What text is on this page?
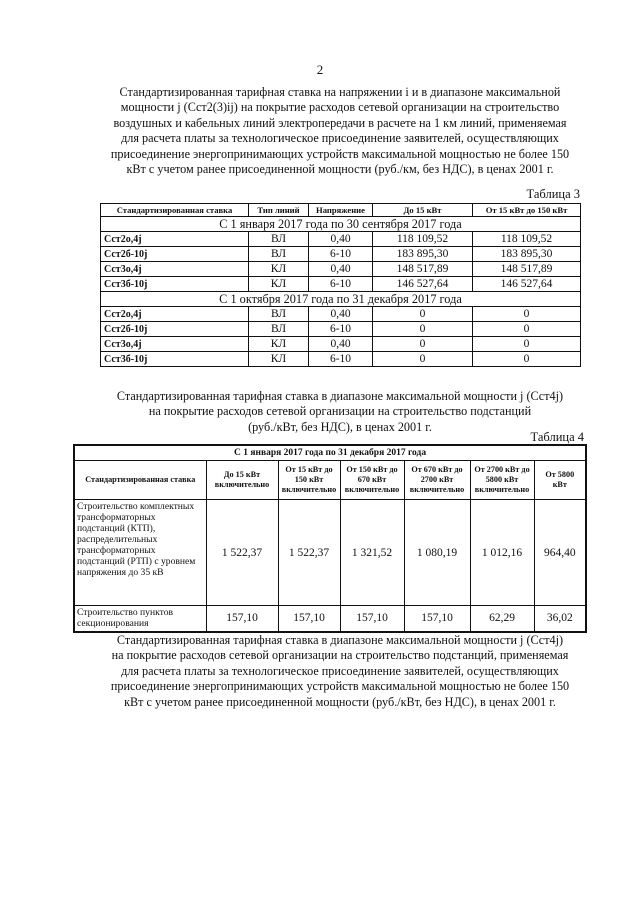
2

Стандартизированная тарифная ставка на напряжении i и в диапазоне максимальной
мощности j (Сст2(3)ij) на покрытие расходов сетевой организации на строительство
воздушных и кабельных линий электропередачи в расчете на 1 км линий, применяемая
для расчета платы за технологическое присоединение заявителей, осуществляющих
присоединение энергопринимающих устройств максимальной мощностью не более 150
кВт с учетом ранее присоединенной мощности (руб./км, без НДС), в ценах 2001 г.

Таблица 3
Стандартизированная ставка	Тип линий	Напряжение	До 15 кВт	От 15 кВт до 150 кВт
С 1 января 2017 года по 30 сентября 2017 года				
Сст2о,4j	ВЛ	0,40	118 109,52	118 109,52
Сст2б-10j	ВЛ	6-10	183 895,30	183 895,30
Сст3о,4j	КЛ	0,40	148 517,89	148 517,89
Сст3б-10j	КЛ	6-10	146 527,64	146 527,64
С 1 октября 2017 года по 31 декабря 2017 года				
Сст2о,4j	ВЛ	0,40	0	0
Сст2б-10j	ВЛ	6-10	0	0
Сст3о,4j	КЛ	0,40	0	0
Сст3б-10j	КЛ	6-10	0	0

Стандартизированная тарифная ставка в диапазоне максимальной мощности j (Сст4j)
на покрытие расходов сетевой организации на строительство подстанций
(руб./кВт, без НДС), в ценах 2001 г.

Таблица 4
С 1 января 2017 года по 31 декабря 2017 года						
Стандартизированная ставка	До 15 кВт включительно	От 15 кВт до 150 кВт включительно	От 150 кВт до 670 кВт включительно	От 670 кВт до 2700 кВт включительно	От 2700 кВт до 5800 кВт включительно	От 5800 кВт
Строительство комплектных трансформаторных подстанций (КТП), распределительных трансформаторных подстанций (РТП) с уровнем напряжения до 35 кВ	1 522,37	1 522,37	1 321,52	1 080,19	1 012,16	964,40
Строительство пунктов секционирования	157,10	157,10	157,10	157,10	62,29	36,02

Стандартизированная тарифная ставка в диапазоне максимальной мощности j (Сст4j)
на покрытие расходов сетевой организации на строительство подстанций, применяемая
для расчета платы за технологическое присоединение заявителей, осуществляющих
присоединение энергопринимающих устройств максимальной мощностью не более 150
кВт с учетом ранее присоединенной мощности (руб./кВт, без НДС), в ценах 2001 г.
